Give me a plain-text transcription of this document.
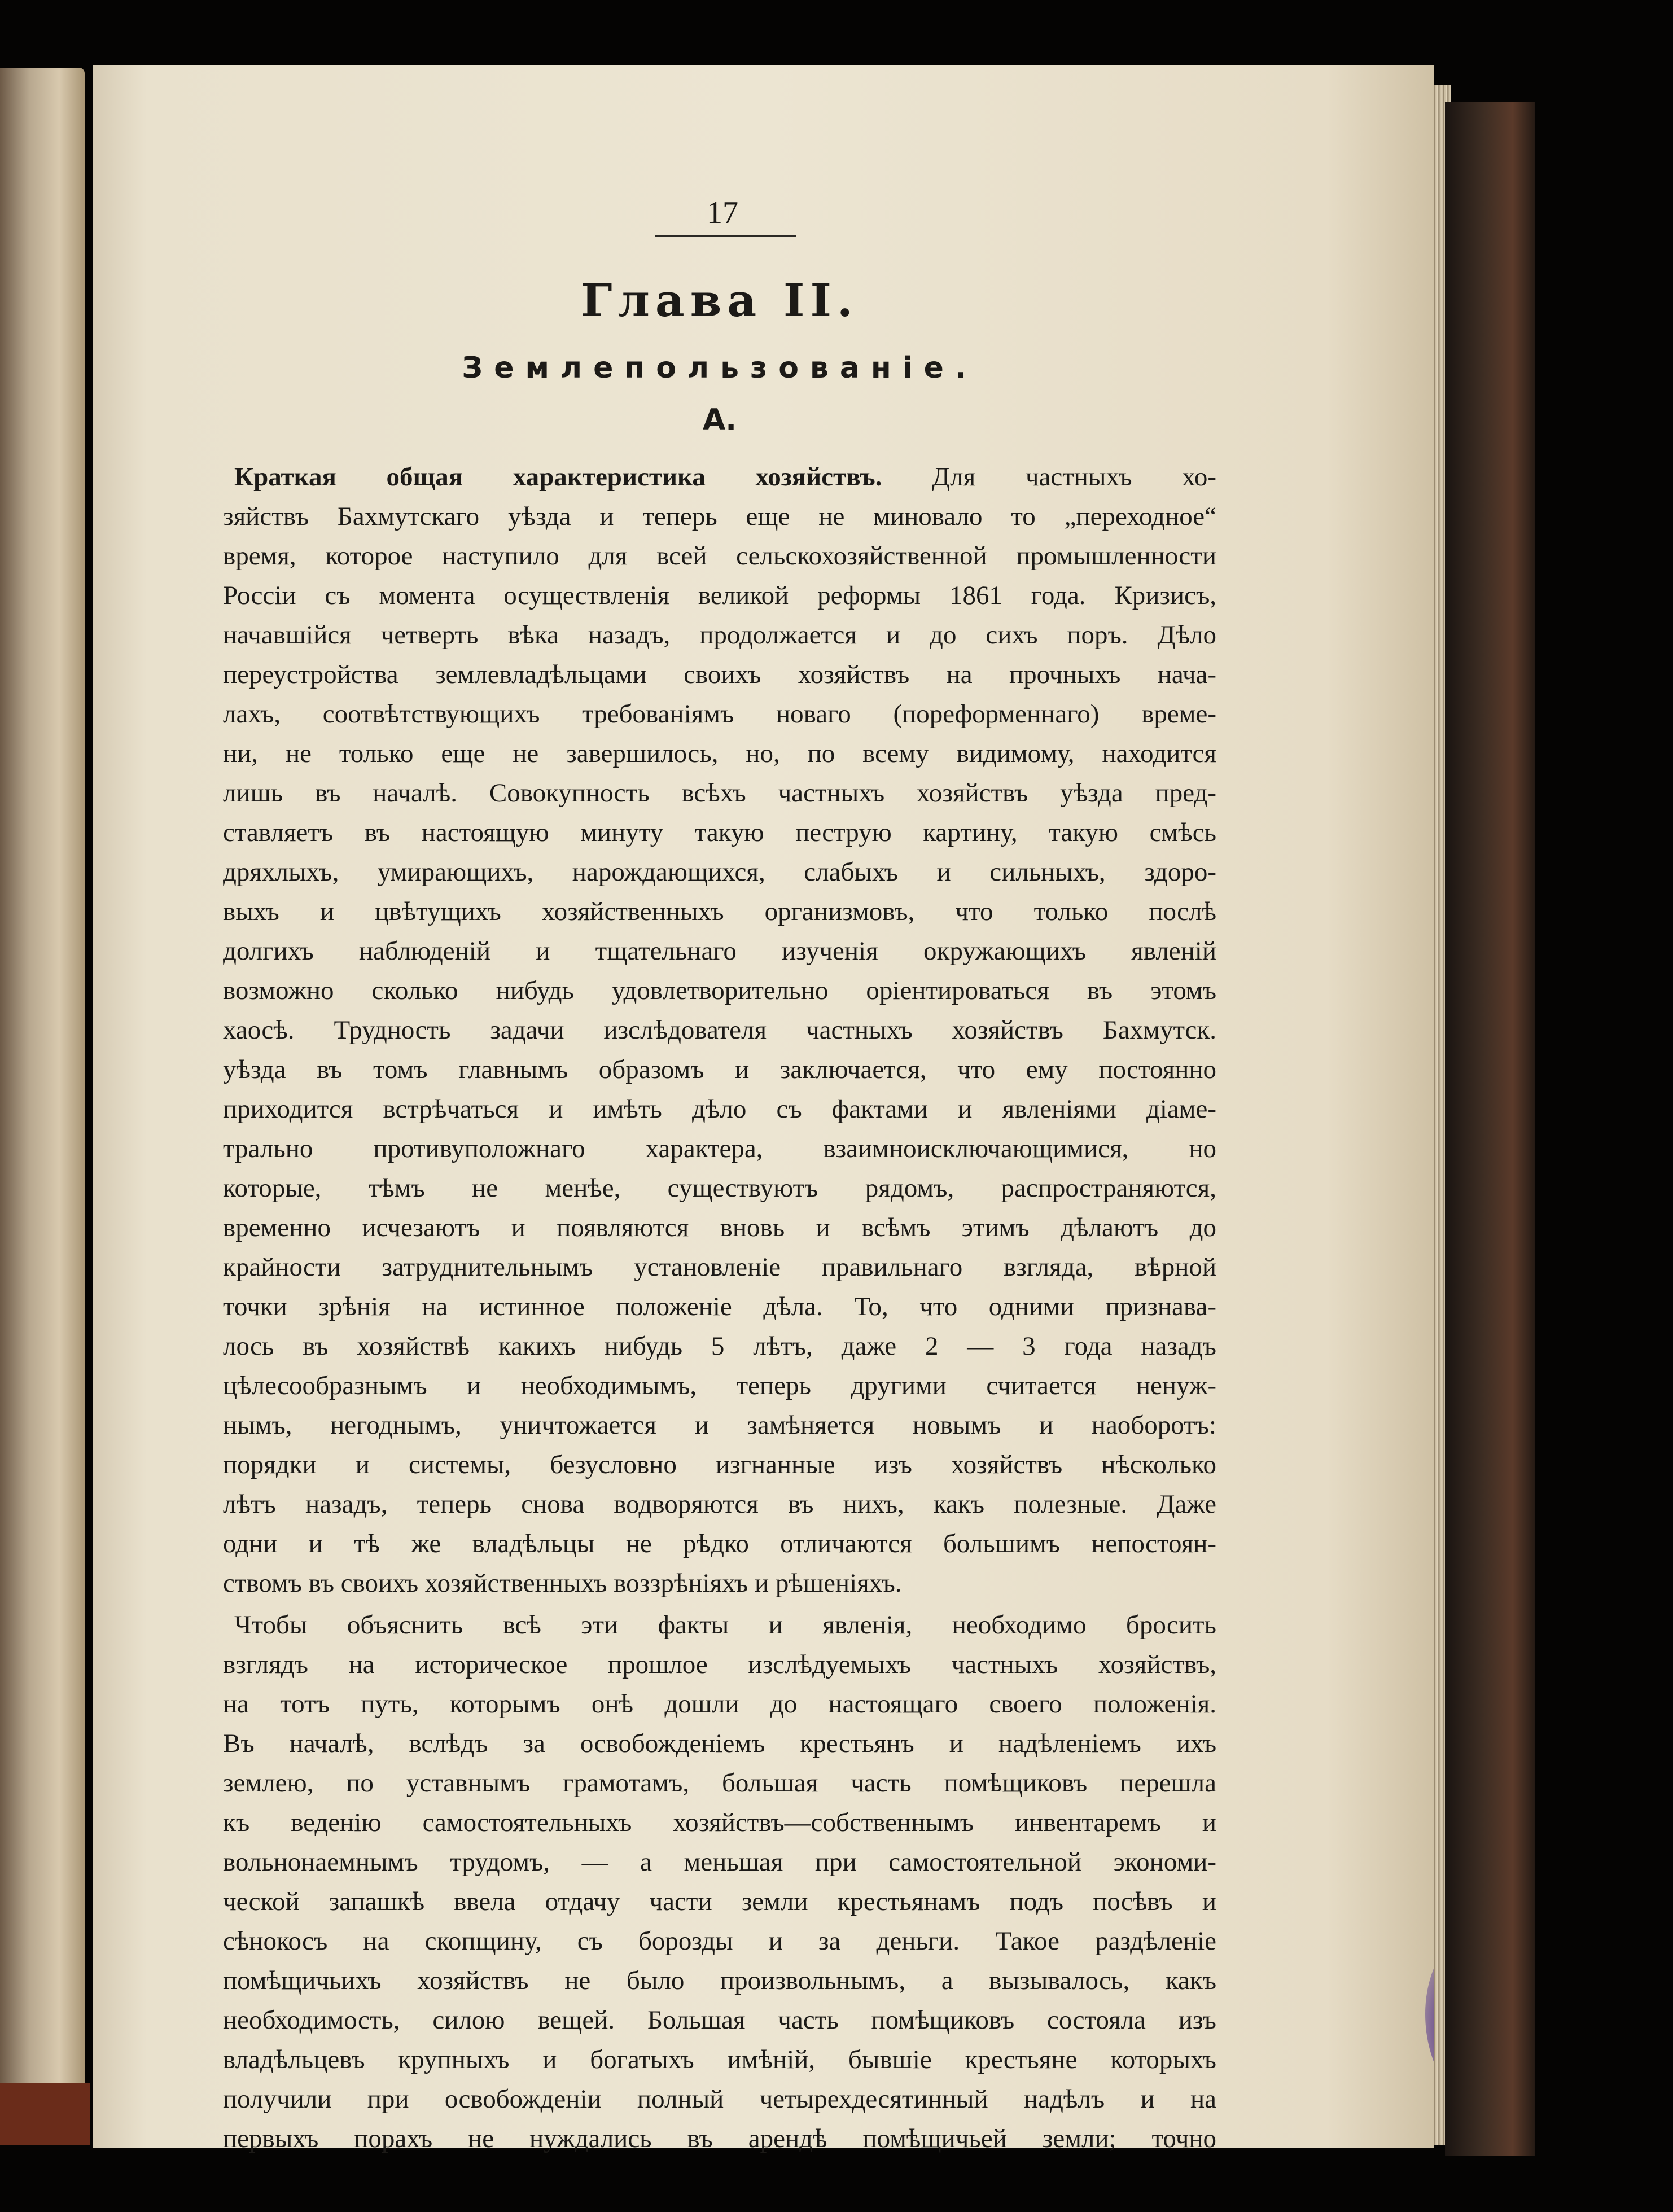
17
Глава II.
Землепользованіе.
А.
Краткая общая характеристика хозяйствъ. Для частныхъ хо-
зяйствъ Бахмутскаго уѣзда и теперь еще не миновало то „переходное“
время, которое наступило для всей сельскохозяйственной промышленности
Россіи съ момента осуществленія великой реформы 1861 года. Кризисъ,
начавшійся четверть вѣка назадъ, продолжается и до сихъ поръ. Дѣло
переустройства землевладѣльцами своихъ хозяйствъ на прочныхъ нача-
лахъ, соотвѣтствующихъ требованіямъ новаго (пореформеннаго) време-
ни, не только еще не завершилось, но, по всему видимому, находится
лишь въ началѣ. Совокупность всѣхъ частныхъ хозяйствъ уѣзда пред-
ставляетъ въ настоящую минуту такую пеструю картину, такую смѣсь
дряхлыхъ, умирающихъ, нарождающихся, слабыхъ и сильныхъ, здоро-
выхъ и цвѣтущихъ хозяйственныхъ организмовъ, что только послѣ
долгихъ наблюденій и тщательнаго изученія окружающихъ явленій
возможно сколько нибудь удовлетворительно оріентироваться въ этомъ
хаосѣ. Трудность задачи изслѣдователя частныхъ хозяйствъ Бахмутск.
уѣзда въ томъ главнымъ образомъ и заключается, что ему постоянно
приходится встрѣчаться и имѣть дѣло съ фактами и явленіями діаме-
трально противуположнаго характера, взаимноисключающимися, но
которые, тѣмъ не менѣе, существуютъ рядомъ, распространяются,
временно исчезаютъ и появляются вновь и всѣмъ этимъ дѣлаютъ до
крайности затруднительнымъ установленіе правильнаго взгляда, вѣрной
точки зрѣнія на истинное положеніе дѣла. То, что одними признава-
лось въ хозяйствѣ какихъ нибудь 5 лѣтъ, даже 2 — 3 года назадъ
цѣлесообразнымъ и необходимымъ, теперь другими считается ненуж-
нымъ, негоднымъ, уничтожается и замѣняется новымъ и наоборотъ:
порядки и системы, безусловно изгнанные изъ хозяйствъ нѣсколько
лѣтъ назадъ, теперь снова водворяются въ нихъ, какъ полезные. Даже
одни и тѣ же владѣльцы не рѣдко отличаются большимъ непостоян-
ствомъ въ своихъ хозяйственныхъ воззрѣніяхъ и рѣшеніяхъ.
Чтобы объяснить всѣ эти факты и явленія, необходимо бросить
взглядъ на историческое прошлое изслѣдуемыхъ частныхъ хозяйствъ,
на тотъ путь, которымъ онѣ дошли до настоящаго своего положенія.
Въ началѣ, вслѣдъ за освобожденіемъ крестьянъ и надѣленіемъ ихъ
землею, по уставнымъ грамотамъ, большая часть помѣщиковъ перешла
къ веденію самостоятельныхъ хозяйствъ—собственнымъ инвентаремъ и
вольнонаемнымъ трудомъ, — а меньшая при самостоятельной экономи-
ческой запашкѣ ввела отдачу части земли крестьянамъ подъ посѣвъ и
сѣнокосъ на скопщину, съ борозды и за деньги. Такое раздѣленіе
помѣщичьихъ хозяйствъ не было произвольнымъ, а вызывалось, какъ
необходимость, силою вещей. Большая часть помѣщиковъ состояла изъ
владѣльцевъ крупныхъ и богатыхъ имѣній, бывшіе крестьяне которыхъ
получили при освобожденіи полный четырехдесятинный надѣлъ и на
первыхъ порахъ не нуждались въ арендѣ помѣщичьей земли; точно
